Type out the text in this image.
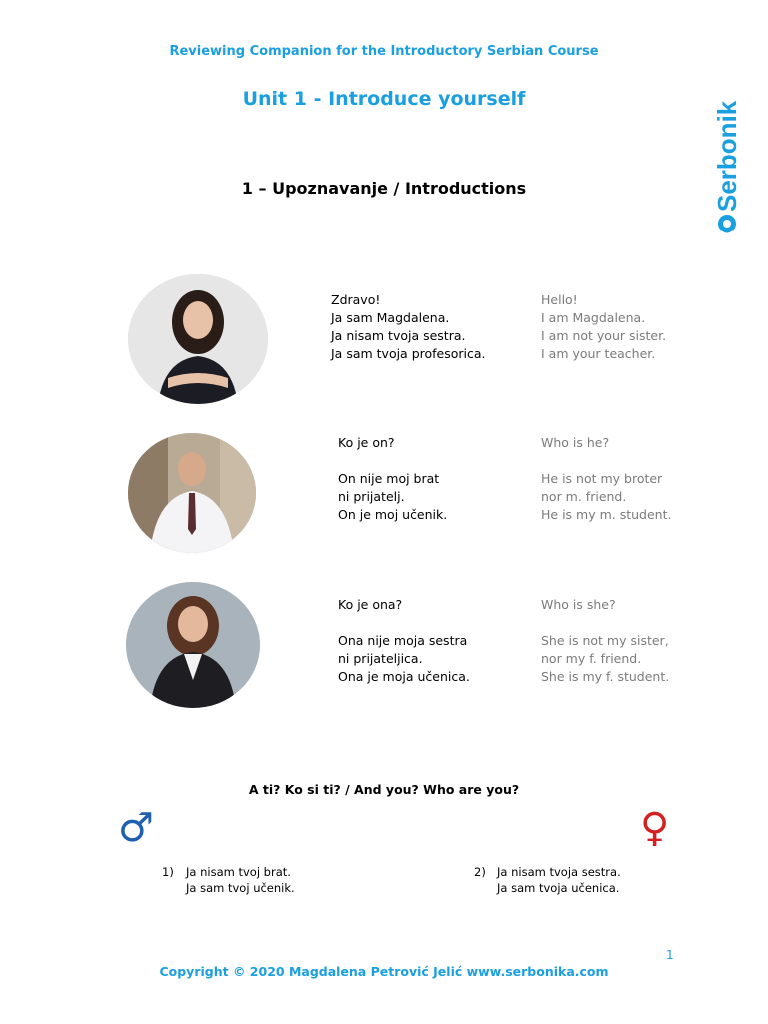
Reviewing Companion for the Introductory Serbian Course
Unit 1 - Introduce yourself	Serbonika
1 – Upoznavanje / Introductions
Zdravo!
Ja sam Magdalena.
Ja nisam tvoja sestra.
Ja sam tvoja profesorica.
Hello!
I am Magdalena.
I am not your sister.
I am your teacher.
Ko je on?

On nije moj brat
ni prijatelj.
On je moj učenik.
Who is he?

He is not my broter
nor m. friend.
He is my m. student.
Ko je ona?

Ona nije moja sestra
ni prijateljica.
Ona je moja učenica.
Who is she?

She is not my sister,
nor my f. friend.
She is my f. student.
A ti? Ko si ti? / And you? Who are you?
♂	♀
1) Ja nisam tvoj brat.
Ja sam tvoj učenik.
2) Ja nisam tvoja sestra.
Ja sam tvoja učenica.
1
Copyright © 2020 Magdalena Petrović Jelić www.serbonika.com
